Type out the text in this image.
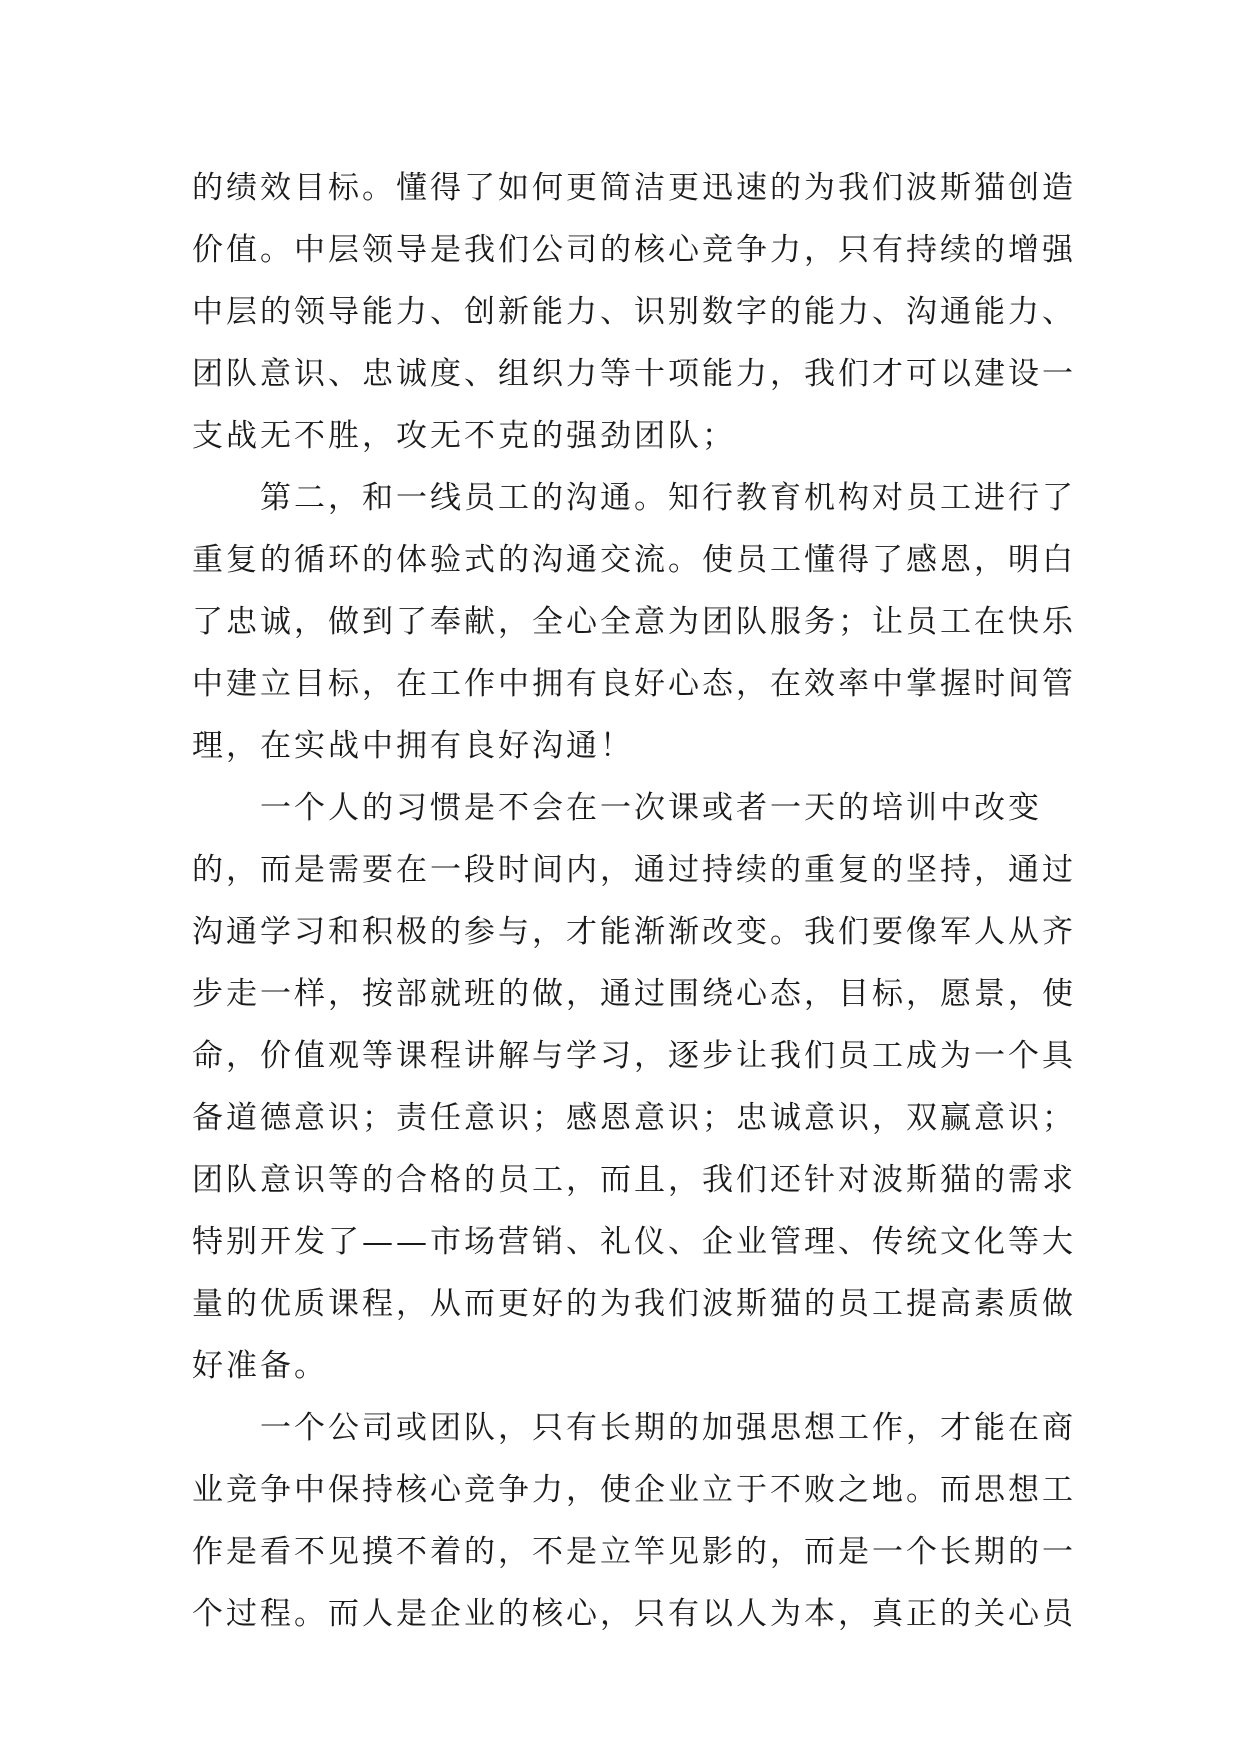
的绩效目标。懂得了如何更简洁更迅速的为我们波斯猫创造
价值。中层领导是我们公司的核心竞争力，只有持续的增强
中层的领导能力、创新能力、识别数字的能力、沟通能力、
团队意识、忠诚度、组织力等十项能力，我们才可以建设一
支战无不胜，攻无不克的强劲团队；
　　第二，和一线员工的沟通。知行教育机构对员工进行了
重复的循环的体验式的沟通交流。使员工懂得了感恩，明白
了忠诚，做到了奉献，全心全意为团队服务；让员工在快乐
中建立目标，在工作中拥有良好心态，在效率中掌握时间管
理，在实战中拥有良好沟通！
　　一个人的习惯是不会在一次课或者一天的培训中改变
的，而是需要在一段时间内，通过持续的重复的坚持，通过
沟通学习和积极的参与，才能渐渐改变。我们要像军人从齐
步走一样，按部就班的做，通过围绕心态，目标，愿景，使
命，价值观等课程讲解与学习，逐步让我们员工成为一个具
备道德意识；责任意识；感恩意识；忠诚意识，双赢意识；
团队意识等的合格的员工，而且，我们还针对波斯猫的需求
特别开发了——市场营销、礼仪、企业管理、传统文化等大
量的优质课程，从而更好的为我们波斯猫的员工提高素质做
好准备。
　　一个公司或团队，只有长期的加强思想工作，才能在商
业竞争中保持核心竞争力，使企业立于不败之地。而思想工
作是看不见摸不着的，不是立竿见影的，而是一个长期的一
个过程。而人是企业的核心，只有以人为本，真正的关心员
